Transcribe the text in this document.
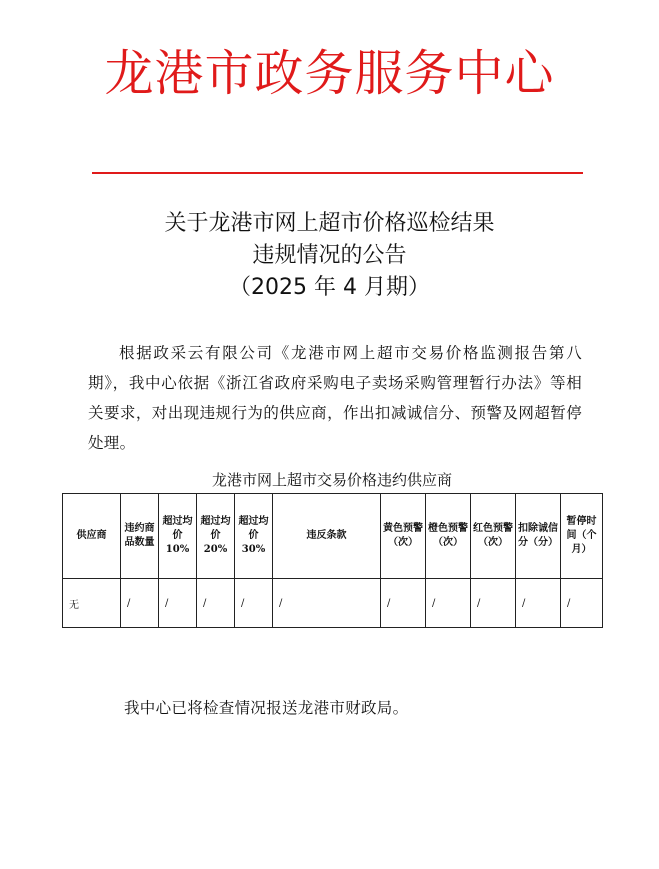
龙港市政务服务中心
关于龙港市网上超市价格巡检结果
违规情况的公告
（2025 年 4 月期）
根据政采云有限公司《龙港市网上超市交易价格监测报告第八期》，我中心依据《浙江省政府采购电子卖场采购管理暂行办法》等相关要求，对出现违规行为的供应商，作出扣减诚信分、预警及网超暂停处理。
龙港市网上超市交易价格违约供应商
供应商	违约商品数量	超过均价10%	超过均价20%	超过均价30%	违反条款	黄色预警（次）	橙色预警（次）	红色预警（次）	扣除诚信分（分）	暂停时间（个月）
无	/	/	/	/	/	/	/	/	/	/
我中心已将检查情况报送龙港市财政局。
